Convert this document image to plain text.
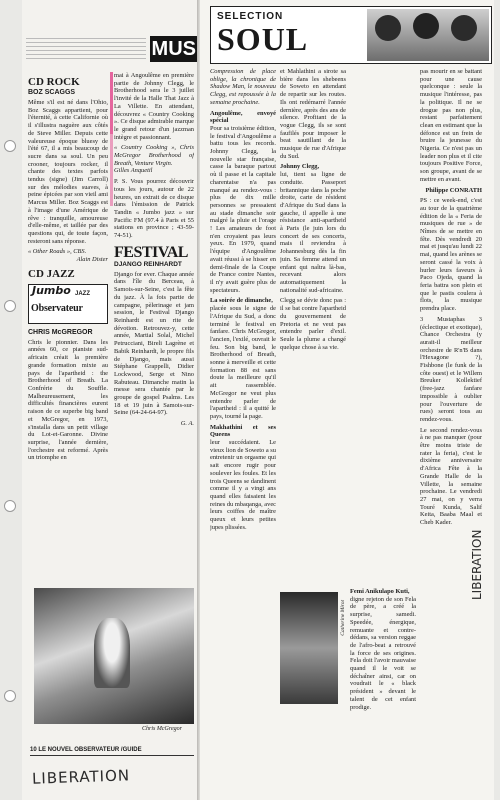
MUS
CD ROCK
BOZ SCAGGS

Même s'il est né dans l'Ohio, Boz Scaggs appartient, pour l'éternité, à cette Californie où il s'illustra naguère aux côtés de Steve Miller. Depuis cette valeureuse époque bluesy de l'été 67, il a mis beaucoup de sucre dans sa soul. Un peu crooner, toujours rocker, il chante des textes parfois tendus (signe) (Jim Carroll) sur des mélodies suaves, à peine épicées par son vieil ami Marcus Miller. Boz Scaggs est à l'image d'une Amérique de rêve : tranquille, amoureuse d'elle-même, et taillée par des questions qui, de toute façon, resteront sans réponse.

« Other Roads », CBS.

Alain Dister

CD JAZZ
Jumbo JAZZ
Observateur
CHRIS McGREGOR

Chris le pionnier. Dans les années 60, ce pianiste sud-africain créait la première grande formation mixte au pays de l'apartheid : the Brotherhood of Breath. La Confrérie du Souffle. Malheureusement, les difficultés financières eurent raison de ce superbe big band et McGregor, en 1973, s'installa dans un petit village du Lot-et-Garonne. Divine surprise, l'année dernière, l'orchestre est reformé. Après un triomphe en

mai à Angoulême en première partie de Johnny Clegg, le Brotherhood sera le 3 juillet l'invité de la Halle That Jazz à La Villette. En attendant, découvrez « Country Cooking ». Ce disque admirable marque le grand retour d'un jazzman intègre et passionnant.

« Country Cooking », Chris McGregor Brotherhood of Breath, Venture Virgin.

Gilles Anquetil

P. S. Vous pourrez découvrir tous les jours, autour de 22 heures, un extrait de ce disque dans l'émission de Patrick Tandin « Jumbo jazz » sur Pacific FM (97.4 à Paris et 55 stations en province ; 43-59-74-51).

FESTIVAL
DJANGO REINHARDT

Django for ever. Chaque année dans l'île du Berceau, à Samois-sur-Seine, c'est la fête du jazz. À la fois partie de campagne, pèlerinage et jam session, le Festival Django Reinhardt est un rite de dévotion. Retrouvez-y, cette année, Martial Solal, Michel Petrucciani, Bireli Lagrène et Babik Reinhardt, le propre fils de Django, mais aussi Stéphane Grappelli, Didier Lockwood, Serge et Nino Rabuteau. Dimanche matin la messe sera chantée par le groupe de gospel Psalms. Les 18 et 19 juin à Samois-sur-Seine (64-24-64-97).

G. A.

Chris McGregor
10 LE NOUVEL OBSERVATEUR /GUIDE
LIBERATION
SELECTION
SOUL

Compression de place oblige, la chronique de Shadow Man, le nouveau Clegg, est repoussée à la semaine prochaine.

Angoulême, envoyé spécial

Pour sa troisième édition, le festival d'Angoulême a battu tous les records. Johnny Clegg, la nouvelle star française, casse la baraque partout où il passe et la capitale charentaise n'a pas manqué au rendez-vous : plus de dix mille personnes se pressaient au stade dimanche soir malgré la pluie et l'orage ! Les amateurs de foot n'en croyaient pas leurs yeux. En 1979, quand l'équipe d'Angoulême avait réussi à se hisser en demi-finale de la Coupe de France contre Nantes, il n'y avait guère plus de spectateurs.

La soirée de dimanche,

placée sous le signe de l'Afrique du Sud, a donc terminé le festival en fanfare. Chris McGregor, l'ancien, l'exilé, ouvrait le feu. Son big band, le Brotherhood of Breath, sonne à merveille et cette formation 88 est sans doute la meilleure qu'il ait rassemblée. McGregor ne veut plus entendre parler de l'apartheid : il a quitté le pays, tourné la page.

Makhathini et ses Queens

leur succédaient. Le vieux lion de Soweto a su entretenir un orgasme qui sait encore rugir pour soulever les foules. Et les trois Queens se dandinent comme il y a vingt ans quand elles faisaient les reines du mbaqanga, avec leurs coiffes de maître queux et leurs petites jupes plissées.

et Mahlathini a sirote sa bière dans les shebeens de Soweto en attendant de repartir sur les routes. Ils ont redémarré l'année dernière, après des ans de silence. Profitant de la vogue Clegg, ils se sont faufilés pour imposer le beat sautillant de la musique de rue d'Afrique du Sud.

Johnny Clegg,

lui, tient sa ligne de conduite. Passeport britannique dans la poche droite, carte de résident d'Afrique du Sud dans la gauche, il appelle à une résistance anti-apartheid à Paris (le juin lors du concert de ses concerts, mais il reviendra à Johannesburg dès la fin juin. Sa femme attend un enfant qui naîtra là-bas, recevant alors automatiquement la nationalité sud-africaine.

Clegg se dévie donc pas : il se bat contre l'apartheid du gouvernement de Pretoria et ne veut pas entendre parler d'exil. Seule la plume a changé quelque chose à sa vie.

Catherine Mirot

Femi Anikulapo Kuti,

digne rejeton de son Fela de père, a créé la surprise, samedi. Speedée, énergique, remuante et contre-dédans, sa version reggae de l'afro-beat a retrouvé la force de ses origines. Fela doit l'avoir mauvaise quand il le voit se déchaîner ainsi, car on voudrait le « black président » devant le talent de cet enfant prodige.

pas mourir en se battant pour une cause quelconque : seule la musique l'intéresse, pas la politique. Il ne se drogue pas non plus, restant parfaitement clean en estimant que la défonce est un frein de bruire la jeunesse du Nigeria. Ce n'est pas un leader non plus et il cite toujours Positive Force, son groupe, avant de se mettre en avant.

Philippe CONRATH

PS : ce week-end, c'est au tour de la quatrième édition de la « Feria de musiques de rue » de Nîmes de se mettre en fête. Dès vendredi 20 mai et jusqu'au lundi 22 mai, quand les arènes se seront cassé la voix à hurler leurs faveurs à Paco Ojeda, quand la feria battra son plein et que le pastis coulera à flots, la musique prendra place.

3 Mustaphas 3 (éclectique et exotique), Chance Orchestra (y aurait-il meilleur orchestre de R'n'B dans l'Hexagone ?), Fishbone (le funk de la côte ouest) et le Willem Breuker Kollektief (free-jazz fanfare impossible à oublier pour l'ouverture de rues) seront tous au rendez-vous.

Le second rendez-vous à ne pas manquer (pour être moins triste de rater la feria), c'est le dixième anniversaire d'Africa Fête à la Grande Halle de la Villette, la semaine prochaine. Le vendredi 27 mai, on y verra Touré Kunda, Salif Keita, Baaba Maal et Cheb Kader.

LIBERATION
